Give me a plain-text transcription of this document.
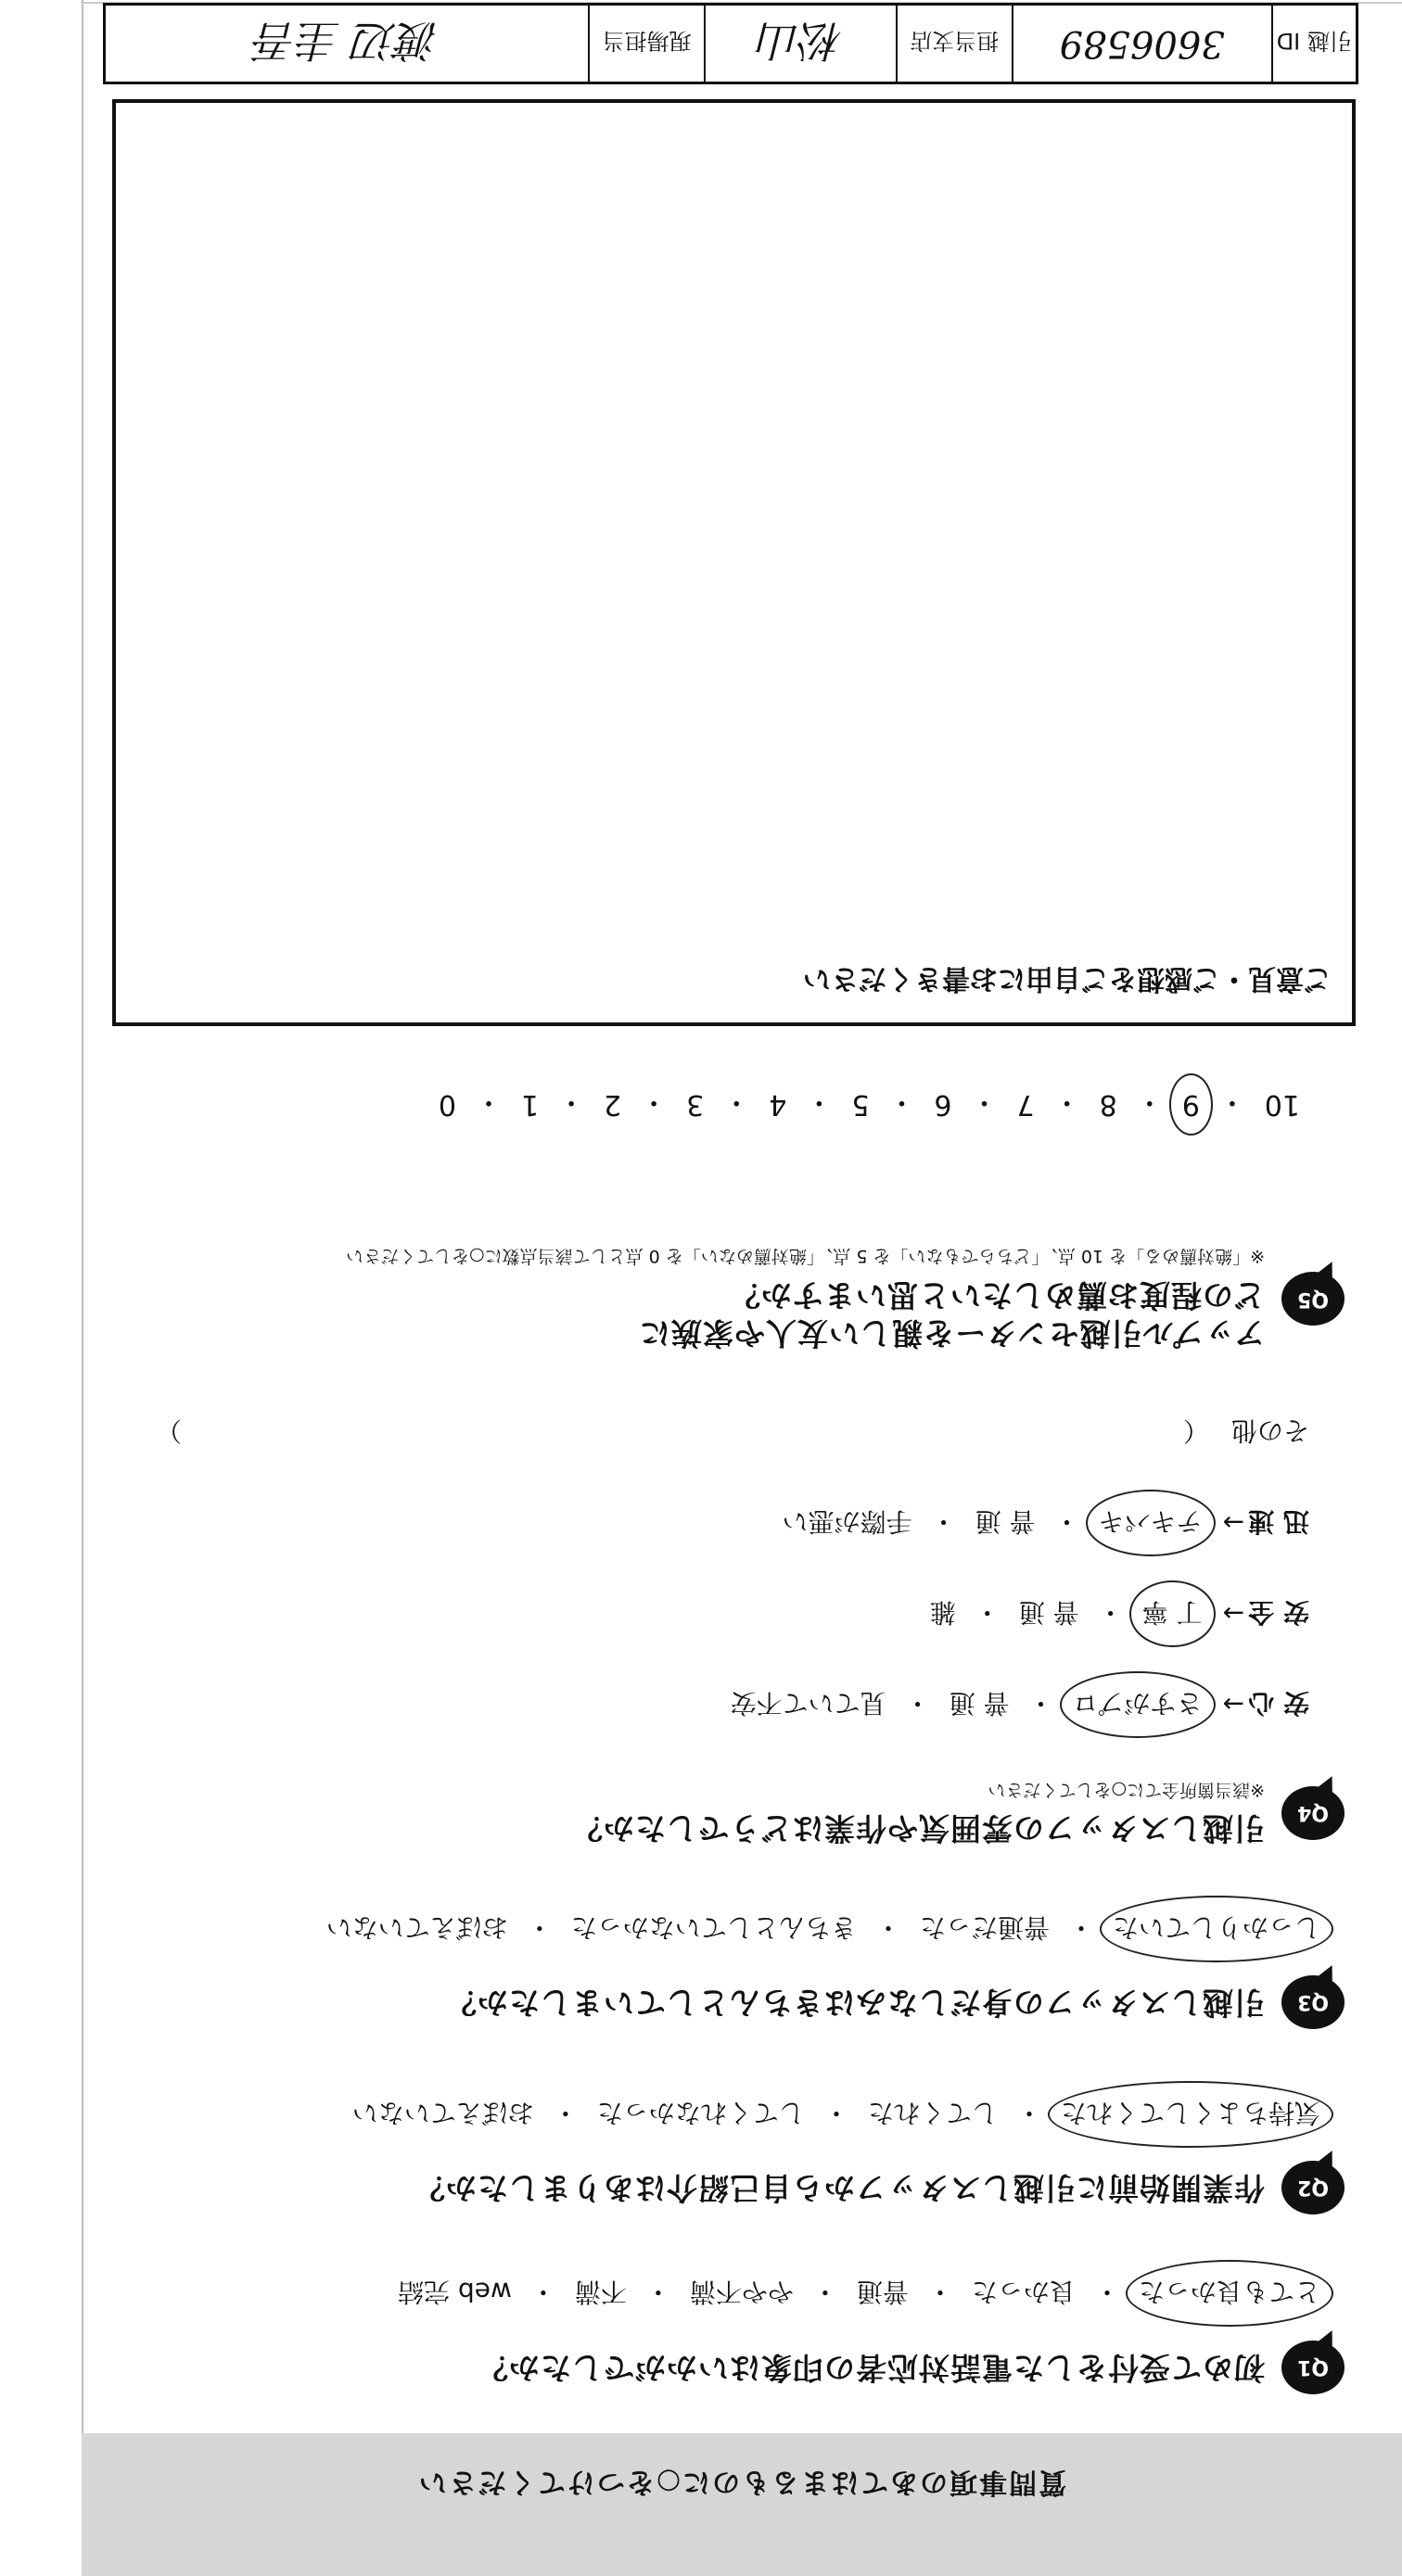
質問事項のあてはまるものに○をつけてください
Q1
初めて受付をした電話対応者の印象はいかがでしたか？
とても良かった
・
良かった
・
普通
・
やや不満
・
不満
・
web 完結
Q2
作業開始前に引越しスタッフから自己紹介はありましたか？
気持ちよくしてくれた
・
してくれた
・
してくれなかった
・
おぼえていない
Q3
引越しスタッフの身だしなみはきちんとしていましたか？
しっかりしていた
・
普通だった
・
きちんとしていなかった
・
おぼえていない
Q4
引越しスタッフの雰囲気や作業はどうでしたか？
※該当箇所全てに○をしてください
安 心
→
さすがプロ
・
普 通
・
見ていて不安
安 全
→
丁 寧
・
普 通
・
雑
迅 速
→
テキパキ
・
普 通
・
手際が悪い
その他
（
）
Q5
アップル引越センターを親しい友人や家族に
どの程度お薦めしたいと思いますか？
※「絶対薦める」を 10 点、「どちらでもない」を 5 点、「絶対薦めない」を 0 点として該当点数に○をしてください
10
・
9
・
8
・
7
・
6
・
5
・
4
・
3
・
2
・
1
・
0
ご意見・ご感想をご自由にお書きください
引越 ID
3606589
担当支店
松山
現場担当
渡辺 圭吾
